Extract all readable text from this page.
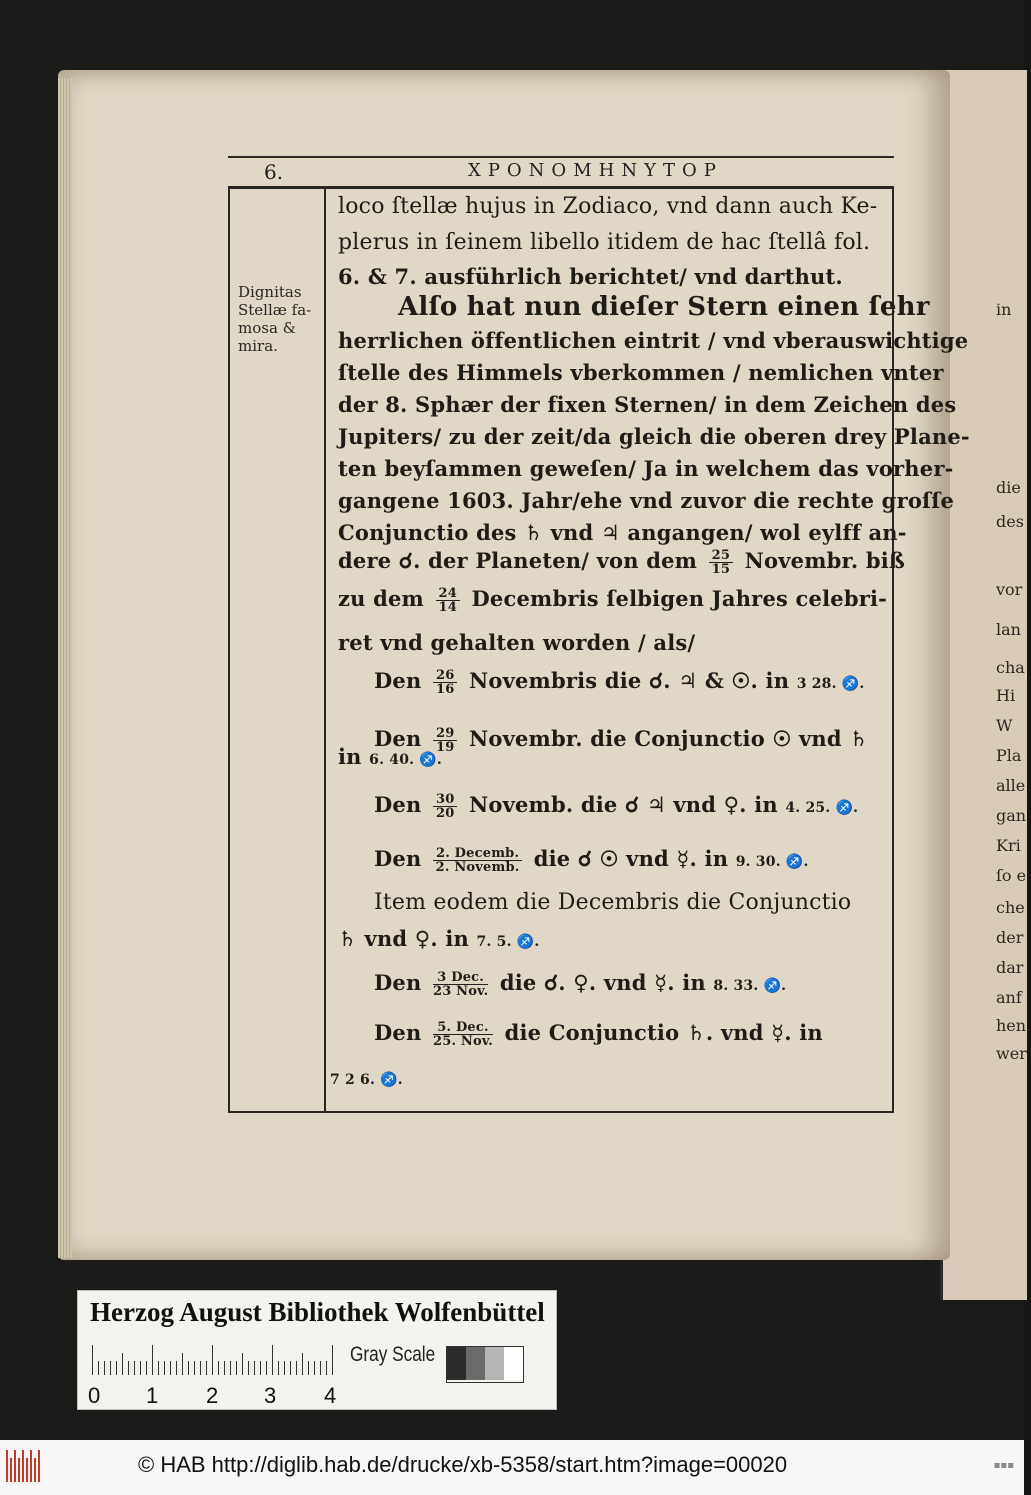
in
die
des
vor
lan
cha
Hi
W
Pla
alle
gan
Kri
ſo e
che
der
dar
anf
hen.
wer
6.	ΧΡΟΝΟΜΗΝΥΤΟΡ
Dignitas
Stellæ fa-
mosa &
mira.
loco ſtellæ hujus in Zodiaco, vnd dann auch Ke-
plerus in ſeinem libello itidem de hac ſtellâ fol.
6. & 7. ausführlich berichtet/ vnd darthut.
Alſo hat nun dieſer Stern einen ſehr
herrlichen öffentlichen eintrit / vnd vberauswichtige
ſtelle des Himmels vberkommen / nemlichen vnter
der 8. Sphær der fixen Sternen/ in dem Zeichen des
Jupiters/ zu der zeit/da gleich die oberen drey Plane-
ten beyſammen geweſen/ Ja in welchem das vorher-
gangene 1603. Jahr/ehe vnd zuvor die rechte groſſe
Conjunctio des ♄ vnd ♃ angangen/ wol eylff an-
dere ☌. der Planeten/ von dem $\frac{25}{15}$ Novembr. biß
zu dem $\frac{24}{14}$ Decembris ſelbigen Jahres celebri-
ret vnd gehalten worden / als/
Den $\frac{26}{16}$ Novembris die ☌. ♃ & ☉. in 3 28. ♐.
Den $\frac{29}{19}$ Novembr. die Conjunctio ☉ vnd ♄
in 6. 40. ♐.
Den $\frac{30}{20}$ Novemb. die ☌ ♃ vnd ♀. in 4. 25. ♐.
Den $\frac{\text{2. Decemb.}}{\text{2. Novemb.}}$ die ☌ ☉ vnd ☿. in 9. 30. ♐.
Item eodem die Decembris die Conjunctio
♄ vnd ♀. in 7. 5. ♐.
Den $\frac{\text{3 Dec.}}{\text{23 Nov.}}$ die ☌. ♀. vnd ☿. in 8. 33. ♐.
Den $\frac{\text{5. Dec.}}{\text{25. Nov.}}$ die Conjunctio ♄. vnd ☿. in
7 2 6. ♐.
Herzog August Bibliothek Wolfenbüttel
Gray Scale
0 1 2 3 4
© HAB http://diglib.hab.de/drucke/xb-5358/start.htm?image=00020	▪▪▪
